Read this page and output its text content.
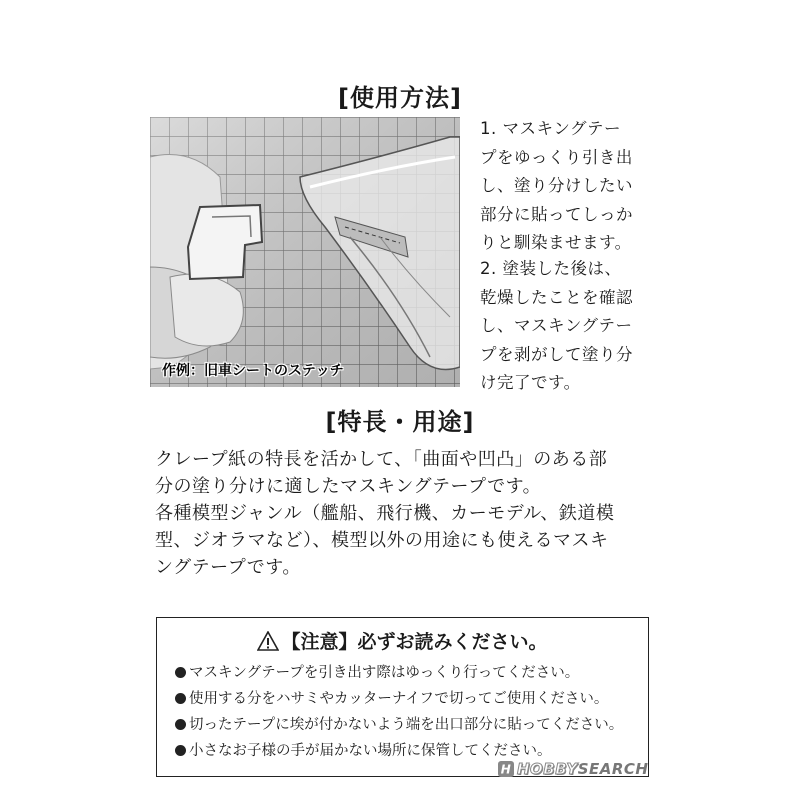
[使用方法]
作例：旧車シートのステッチ
1. マスキングテー
プをゆっくり引き出
し、塗り分けしたい
部分に貼ってしっか
りと馴染ませます。
2. 塗装した後は、
乾燥したことを確認
し、マスキングテー
プを剥がして塗り分
け完了です。
[特長・用途]
クレープ紙の特長を活かして、「曲面や凹凸」のある部
分の塗り分けに適したマスキングテープです。
各種模型ジャンル（艦船、飛行機、カーモデル、鉄道模
型、ジオラマなど）、模型以外の用途にも使えるマスキ
ングテープです。
【注意】必ずお読みください。
マスキングテープを引き出す際はゆっくり行ってください。
使用する分をハサミやカッターナイフで切ってご使用ください。
切ったテープに埃が付かないよう端を出口部分に貼ってください。
小さなお子様の手が届かない場所に保管してください。
H HOBBYSEARCH
